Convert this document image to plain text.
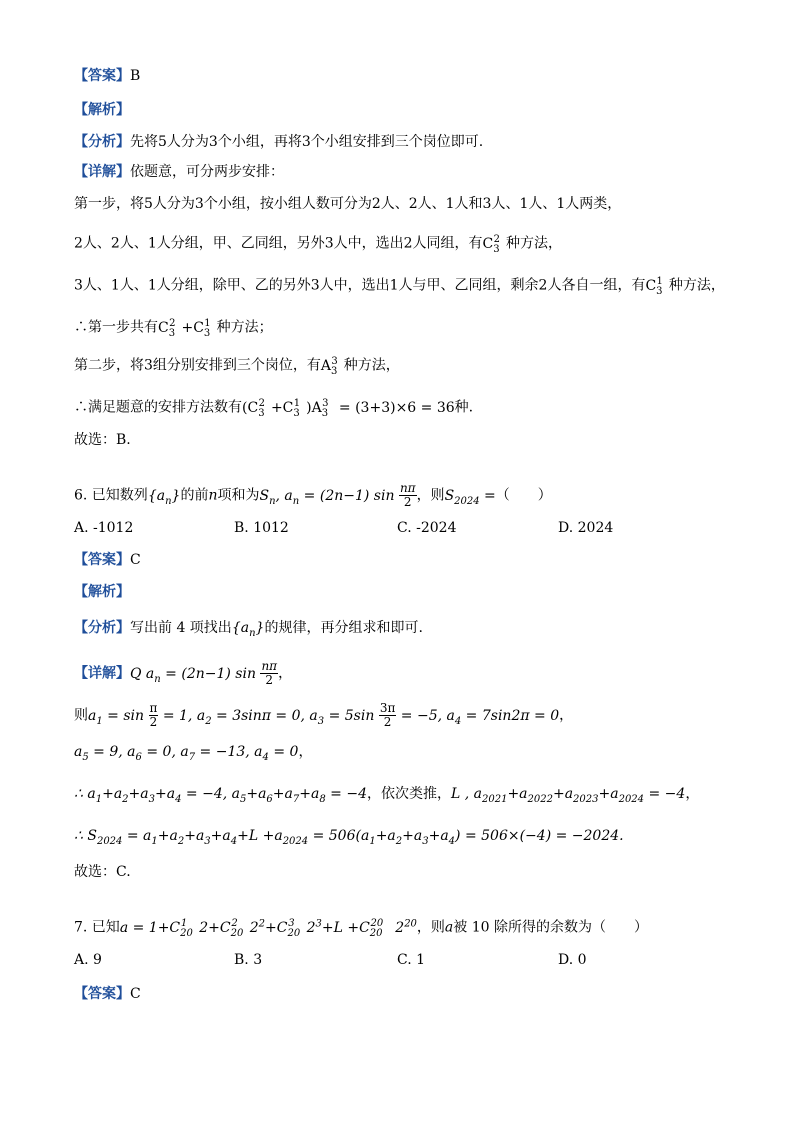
【答案】B
【解析】
【分析】先将5人分为3个小组，再将3个小组安排到三个岗位即可.
【详解】依题意，可分两步安排：
第一步，将5人分为3个小组，按小组人数可分为2人、2人、1人和3人、1人、1人两类，
2人、2人、1人分组，甲、乙同组，另外3人中，选出2人同组，有$C_3^2$ 种方法，
3人、1人、1人分组，除甲、乙的另外3人中，选出1人与甲、乙同组，剩余2人各自一组，有$C_3^1$ 种方法，
∴第一步共有$C_3^2 +C_3^1$ 种方法；
第二步，将3组分别安排到三个岗位，有$A_3^3$ 种方法，
∴满足题意的安排方法数有($C_3^2 +C_3^1$ )$A_3^3 = (3+3)\times 6 = 36$种.
故选：B.
6. 已知数列$\{a_n\}$的前n项和为$S_n$, $a_n = (2n-1)$ $\sin \frac{n\pi}{2}$ ，则$S_{2024}$ =（　　）
A. -1012	B. 1012	C. -2024	D. 2024
【答案】C
【解析】
【分析】写出前 4 项找出$\{a_n\}$的规律，再分组求和即可.
【详解】Q $a_n = (2n-1)$ $\sin \frac{n\pi}{2}$ ，
则$a_1 = \sin \frac{\pi}{2} = 1$, $a_2 = 3\sin\pi = 0$, $a_3 = 5\sin \frac{3\pi}{2} = -5$, $a_4 = 7\sin 2\pi = 0$，
$a_5 = 9$, $a_6 = 0$, $a_7 = -13$, $a_4 = 0$，
∴ $a_1+a_2+a_3+a_4 = -4$, $a_5+a_6+a_7+a_8 = -4$，依次类推，L , $a_{2021}+a_{2022}+a_{2023}+a_{2024} = -4$，
∴ $S_{2024} = a_1+a_2+a_3+a_4+L +a_{2024} = 506(a_1+a_2+a_3+a_4) = 506\times(-4) = -2024$.
故选：C.
7. 已知$a = 1+C_{20}^1$ $2+C_{20}^2$ $2^2+C_{20}^3$ $2^3+L +C_{20}^{20}$ $2^{20}$，则a被 10 除所得的余数为（　　）
A. 9	B. 3	C. 1	D. 0
【答案】C
